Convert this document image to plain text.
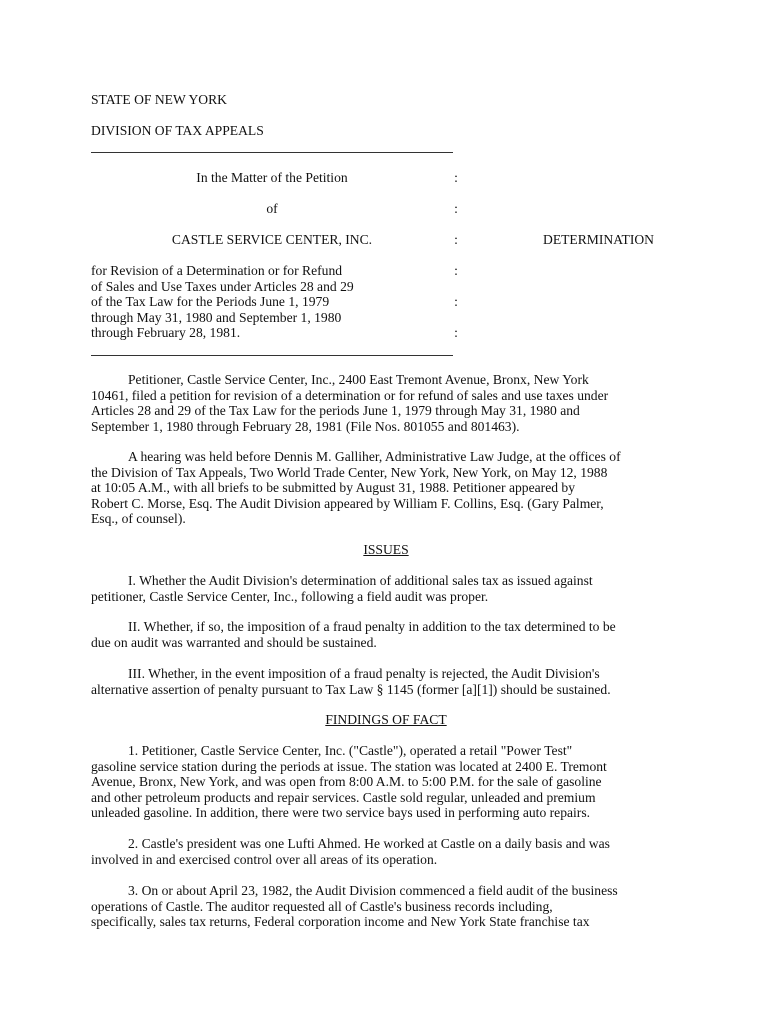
STATE OF NEW YORK
DIVISION OF TAX APPEALS
In the Matter of the Petition	:
of	:
CASTLE SERVICE CENTER, INC.	:	DETERMINATION
for Revision of a Determination or for Refund	:
of Sales and Use Taxes under Articles 28 and 29
of the Tax Law for the Periods June 1, 1979	:
through May 31, 1980 and September 1, 1980
through February 28, 1981.	:
Petitioner, Castle Service Center, Inc., 2400 East Tremont Avenue, Bronx, New York
10461, filed a petition for revision of a determination or for refund of sales and use taxes under
Articles 28 and 29 of the Tax Law for the periods June 1, 1979 through May 31, 1980 and
September 1, 1980 through February 28, 1981 (File Nos. 801055 and 801463).
A hearing was held before Dennis M. Galliher, Administrative Law Judge, at the offices of
the Division of Tax Appeals, Two World Trade Center, New York, New York, on May 12, 1988
at 10:05 A.M., with all briefs to be submitted by August 31, 1988. Petitioner appeared by
Robert C. Morse, Esq. The Audit Division appeared by William F. Collins, Esq. (Gary Palmer,
Esq., of counsel).
ISSUES
I. Whether the Audit Division's determination of additional sales tax as issued against
petitioner, Castle Service Center, Inc., following a field audit was proper.
II. Whether, if so, the imposition of a fraud penalty in addition to the tax determined to be
due on audit was warranted and should be sustained.
III. Whether, in the event imposition of a fraud penalty is rejected, the Audit Division's
alternative assertion of penalty pursuant to Tax Law § 1145 (former [a][1]) should be sustained.
FINDINGS OF FACT
1. Petitioner, Castle Service Center, Inc. ("Castle"), operated a retail "Power Test"
gasoline service station during the periods at issue. The station was located at 2400 E. Tremont
Avenue, Bronx, New York, and was open from 8:00 A.M. to 5:00 P.M. for the sale of gasoline
and other petroleum products and repair services. Castle sold regular, unleaded and premium
unleaded gasoline. In addition, there were two service bays used in performing auto repairs.
2. Castle's president was one Lufti Ahmed. He worked at Castle on a daily basis and was
involved in and exercised control over all areas of its operation.
3. On or about April 23, 1982, the Audit Division commenced a field audit of the business
operations of Castle. The auditor requested all of Castle's business records including,
specifically, sales tax returns, Federal corporation income and New York State franchise tax
